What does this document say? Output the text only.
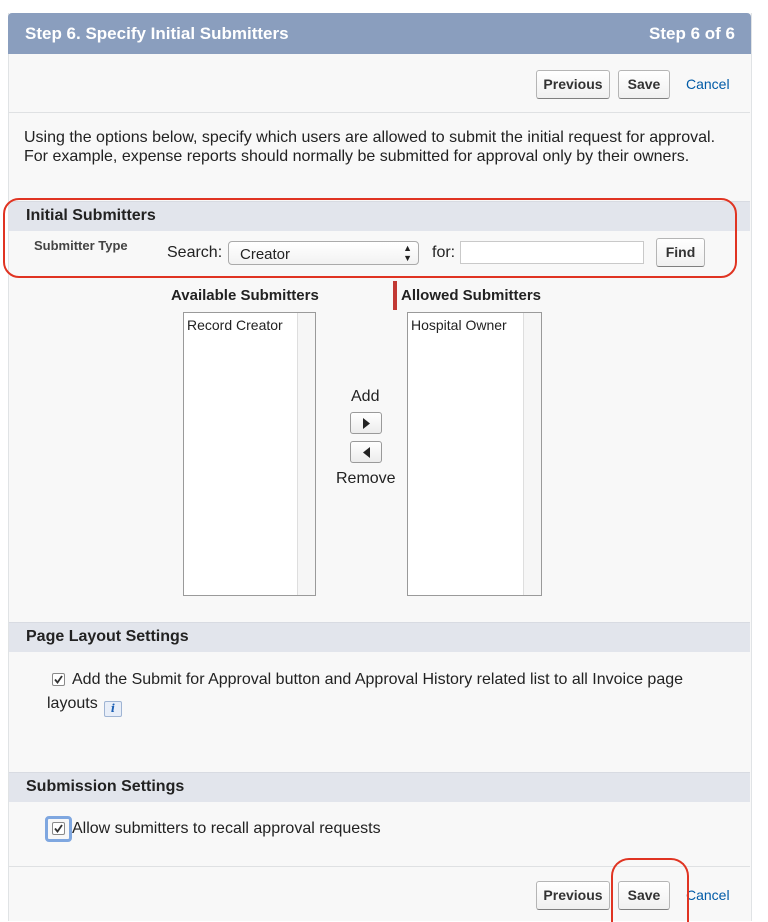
Step 6. Specify Initial Submitters	Step 6 of 6
Previous	Save	Cancel
Using the options below, specify which users are allowed to submit the initial request for approval. For example, expense reports should normally be submitted for approval only by their owners.
Initial Submitters
Submitter Type Search: Creator	▲
▼ for:	Find
Available Submitters	Allowed Submitters
Record Creator
Add
Remove
Hospital Owner
Page Layout Settings
Add the Submit for Approval button and Approval History related list to all Invoice page
layouts	i
Submission Settings
Allow submitters to recall approval requests
Previous	Save	Cancel
